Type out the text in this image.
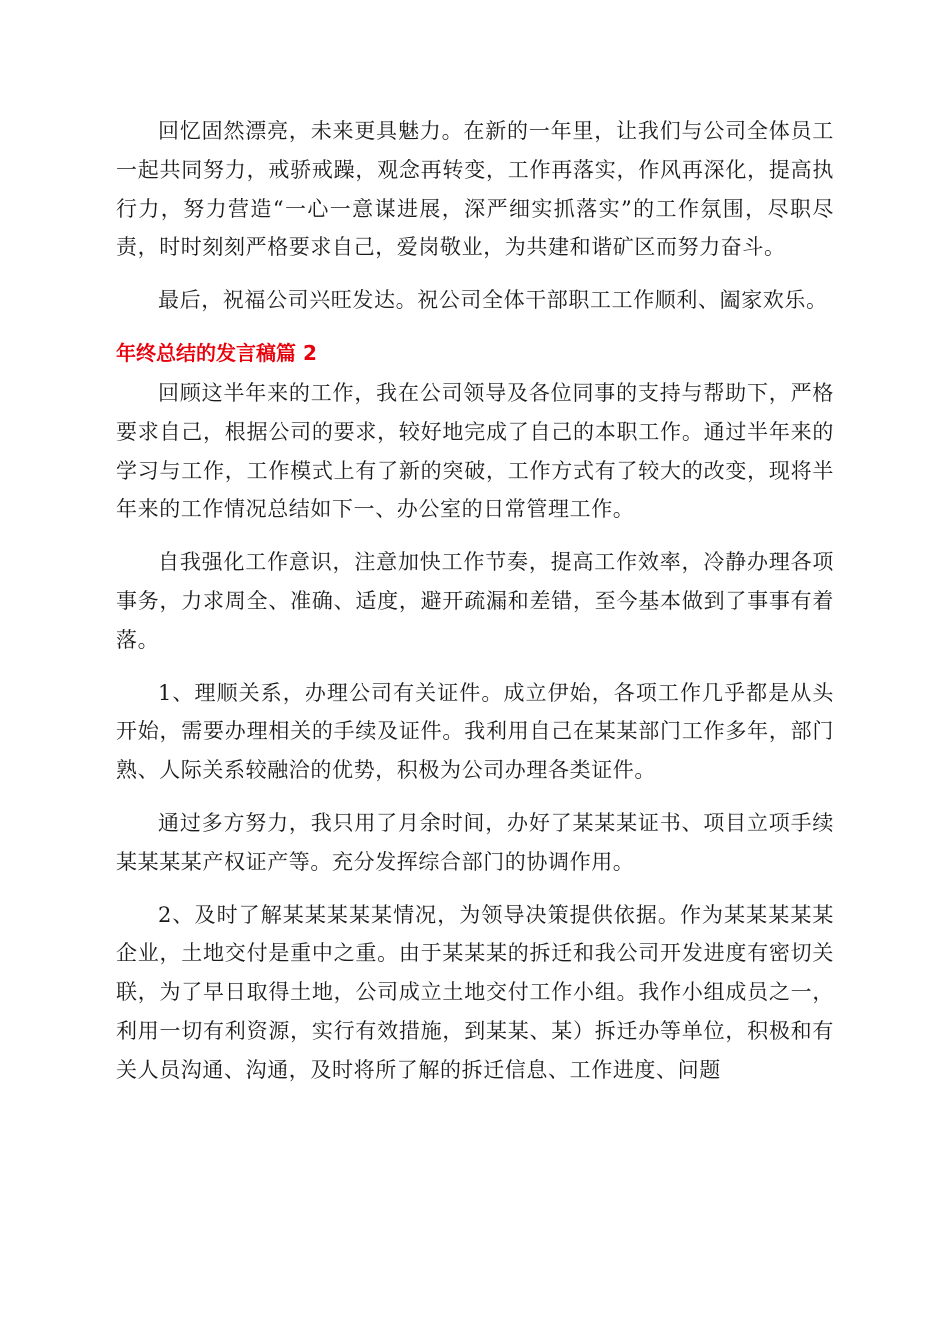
回忆固然漂亮，未来更具魅力。在新的一年里，让我们与公司全体员工一起共同努力，戒骄戒躁，观念再转变，工作再落实，作风再深化，提高执行力，努力营造“一心一意谋进展，深严细实抓落实”的工作氛围，尽职尽责，时时刻刻严格要求自己，爱岗敬业，为共建和谐矿区而努力奋斗。

最后，祝福公司兴旺发达。祝公司全体干部职工工作顺利、阖家欢乐。

年终总结的发言稿篇 2

回顾这半年来的工作，我在公司领导及各位同事的支持与帮助下，严格要求自己，根据公司的要求，较好地完成了自己的本职工作。通过半年来的学习与工作，工作模式上有了新的突破，工作方式有了较大的改变，现将半年来的工作情况总结如下一、办公室的日常管理工作。

自我强化工作意识，注意加快工作节奏，提高工作效率，冷静办理各项事务，力求周全、准确、适度，避开疏漏和差错，至今基本做到了事事有着落。

1、理顺关系，办理公司有关证件。成立伊始，各项工作几乎都是从头开始，需要办理相关的手续及证件。我利用自己在某某部门工作多年，部门熟、人际关系较融洽的优势，积极为公司办理各类证件。

通过多方努力，我只用了月余时间，办好了某某某证书、项目立项手续某某某某产权证产等。充分发挥综合部门的协调作用。

2、及时了解某某某某某情况，为领导决策提供依据。作为某某某某某企业，土地交付是重中之重。由于某某某的拆迁和我公司开发进度有密切关联，为了早日取得土地，公司成立土地交付工作小组。我作小组成员之一，利用一切有利资源，实行有效措施，到某某、某）拆迁办等单位，积极和有关人员沟通、沟通，及时将所了解的拆迁信息、工作进度、问题
